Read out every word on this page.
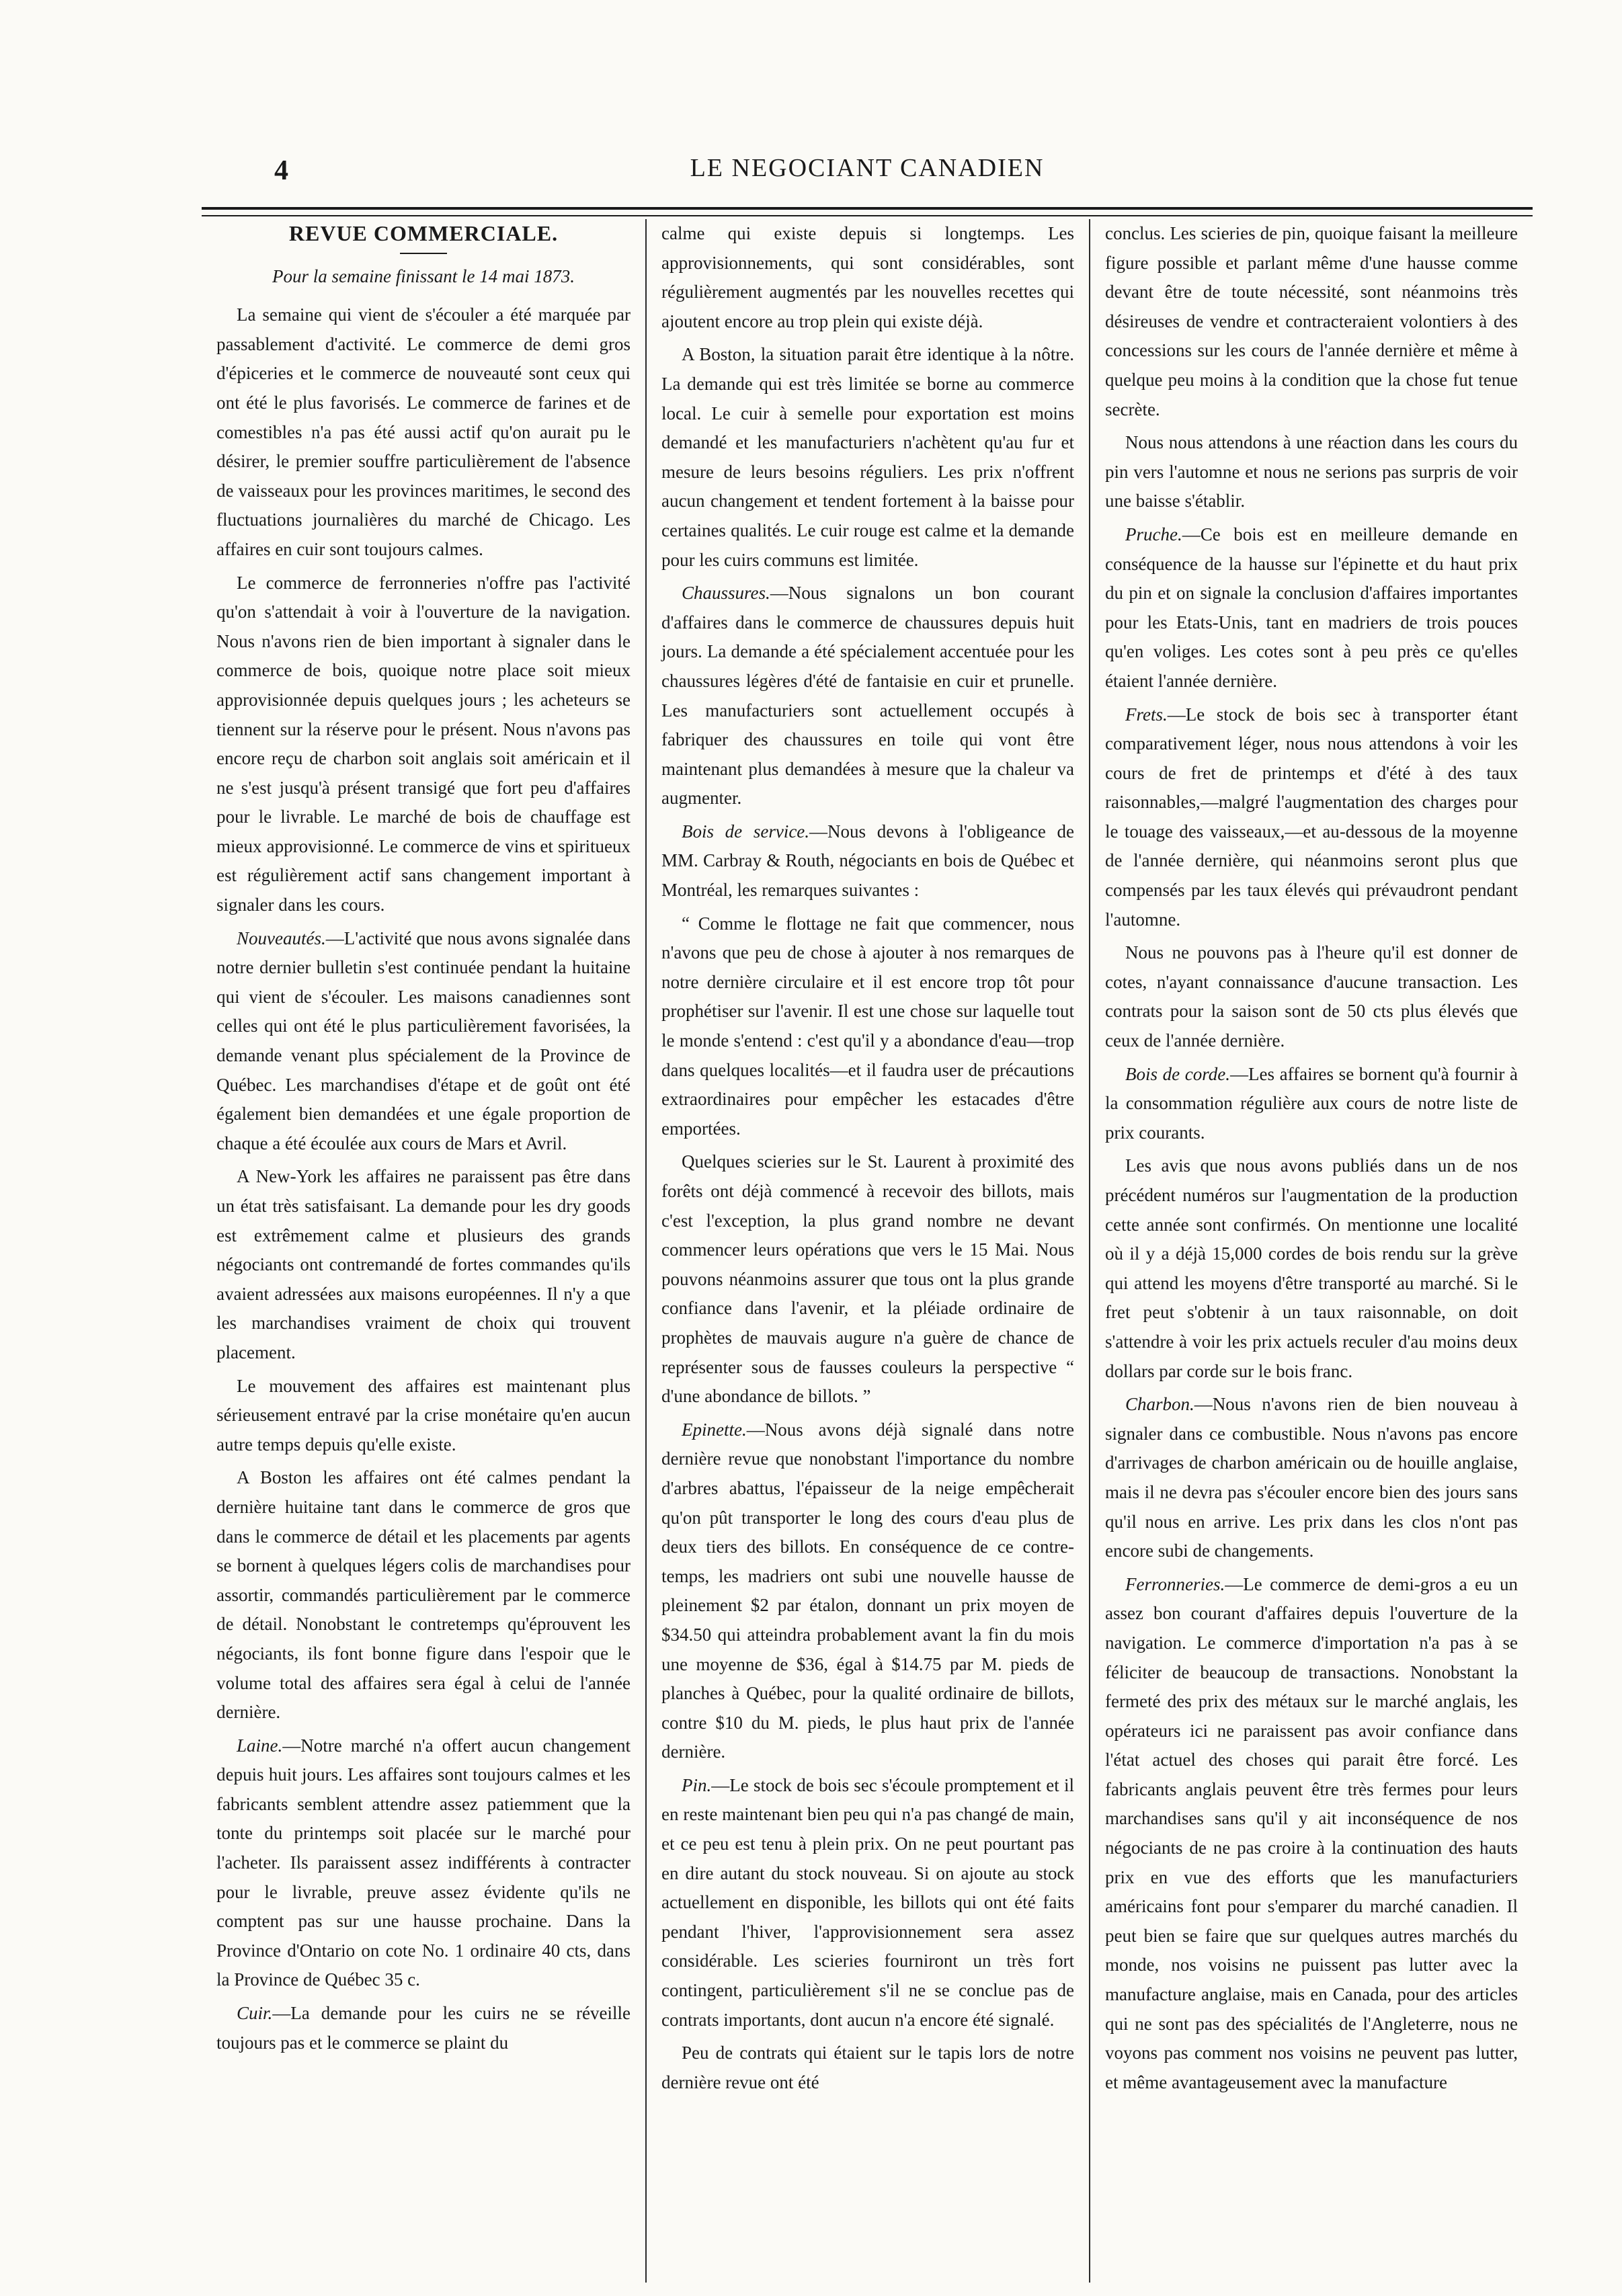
4	LE NEGOCIANT CANADIEN

REVUE COMMERCIALE.

Pour la semaine finissant le 14 mai 1873.

La semaine qui vient de s'écouler a été marquée par passablement d'activité. Le commerce de demi gros d'épiceries et le commerce de nouveauté sont ceux qui ont été le plus favorisés. Le commerce de farines et de comestibles n'a pas été aussi actif qu'on aurait pu le désirer, le premier souffre particulièrement de l'absence de vaisseaux pour les provinces maritimes, le second des fluctuations journalières du marché de Chicago. Les affaires en cuir sont toujours calmes.

Le commerce de ferronneries n'offre pas l'activité qu'on s'attendait à voir à l'ouverture de la navigation. Nous n'avons rien de bien important à signaler dans le commerce de bois, quoique notre place soit mieux approvisionnée depuis quelques jours ; les acheteurs se tiennent sur la réserve pour le présent. Nous n'avons pas encore reçu de charbon soit anglais soit américain et il ne s'est jusqu'à présent transigé que fort peu d'affaires pour le livrable. Le marché de bois de chauffage est mieux approvisionné. Le commerce de vins et spiritueux est régulièrement actif sans changement important à signaler dans les cours.

Nouveautés.—L'activité que nous avons signalée dans notre dernier bulletin s'est continuée pendant la huitaine qui vient de s'écouler. Les maisons canadiennes sont celles qui ont été le plus particulièrement favorisées, la demande venant plus spécialement de la Province de Québec. Les marchandises d'étape et de goût ont été également bien demandées et une égale proportion de chaque a été écoulée aux cours de Mars et Avril.

A New-York les affaires ne paraissent pas être dans un état très satisfaisant. La demande pour les dry goods est extrêmement calme et plusieurs des grands négociants ont contremandé de fortes commandes qu'ils avaient adressées aux maisons européennes. Il n'y a que les marchandises vraiment de choix qui trouvent placement.

Le mouvement des affaires est maintenant plus sérieusement entravé par la crise monétaire qu'en aucun autre temps depuis qu'elle existe.

A Boston les affaires ont été calmes pendant la dernière huitaine tant dans le commerce de gros que dans le commerce de détail et les placements par agents se bornent à quelques légers colis de marchandises pour assortir, commandés particulièrement par le commerce de détail. Nonobstant le contretemps qu'éprouvent les négociants, ils font bonne figure dans l'espoir que le volume total des affaires sera égal à celui de l'année dernière.

Laine.—Notre marché n'a offert aucun changement depuis huit jours. Les affaires sont toujours calmes et les fabricants semblent attendre assez patiemment que la tonte du printemps soit placée sur le marché pour l'acheter. Ils paraissent assez indifférents à contracter pour le livrable, preuve assez évidente qu'ils ne comptent pas sur une hausse prochaine. Dans la Province d'Ontario on cote No. 1 ordinaire 40 cts, dans la Province de Québec 35 c.

Cuir.—La demande pour les cuirs ne se réveille toujours pas et le commerce se plaint du

calme qui existe depuis si longtemps. Les approvisionnements, qui sont considérables, sont régulièrement augmentés par les nouvelles recettes qui ajoutent encore au trop plein qui existe déjà.

A Boston, la situation parait être identique à la nôtre. La demande qui est très limitée se borne au commerce local. Le cuir à semelle pour exportation est moins demandé et les manufacturiers n'achètent qu'au fur et mesure de leurs besoins réguliers. Les prix n'offrent aucun changement et tendent fortement à la baisse pour certaines qualités. Le cuir rouge est calme et la demande pour les cuirs communs est limitée.

Chaussures.—Nous signalons un bon courant d'affaires dans le commerce de chaussures depuis huit jours. La demande a été spécialement accentuée pour les chaussures légères d'été de fantaisie en cuir et prunelle. Les manufacturiers sont actuellement occupés à fabriquer des chaussures en toile qui vont être maintenant plus demandées à mesure que la chaleur va augmenter.

Bois de service.—Nous devons à l'obligeance de MM. Carbray & Routh, négociants en bois de Québec et Montréal, les remarques suivantes :

“ Comme le flottage ne fait que commencer, nous n'avons que peu de chose à ajouter à nos remarques de notre dernière circulaire et il est encore trop tôt pour prophétiser sur l'avenir. Il est une chose sur laquelle tout le monde s'entend : c'est qu'il y a abondance d'eau—trop dans quelques localités—et il faudra user de précautions extraordinaires pour empêcher les estacades d'être emportées.

Quelques scieries sur le St. Laurent à proximité des forêts ont déjà commencé à recevoir des billots, mais c'est l'exception, la plus grand nombre ne devant commencer leurs opérations que vers le 15 Mai. Nous pouvons néanmoins assurer que tous ont la plus grande confiance dans l'avenir, et la pléiade ordinaire de prophètes de mauvais augure n'a guère de chance de représenter sous de fausses couleurs la perspective “ d'une abondance de billots. ”

Epinette.—Nous avons déjà signalé dans notre dernière revue que nonobstant l'importance du nombre d'arbres abattus, l'épaisseur de la neige empêcherait qu'on pût transporter le long des cours d'eau plus de deux tiers des billots. En conséquence de ce contre-temps, les madriers ont subi une nouvelle hausse de pleinement $2 par étalon, donnant un prix moyen de $34.50 qui atteindra probablement avant la fin du mois une moyenne de $36, égal à $14.75 par M. pieds de planches à Québec, pour la qualité ordinaire de billots, contre $10 du M. pieds, le plus haut prix de l'année dernière.

Pin.—Le stock de bois sec s'écoule promptement et il en reste maintenant bien peu qui n'a pas changé de main, et ce peu est tenu à plein prix. On ne peut pourtant pas en dire autant du stock nouveau. Si on ajoute au stock actuellement en disponible, les billots qui ont été faits pendant l'hiver, l'approvisionnement sera assez considérable. Les scieries fourniront un très fort contingent, particulièrement s'il ne se conclue pas de contrats importants, dont aucun n'a encore été signalé.

Peu de contrats qui étaient sur le tapis lors de notre dernière revue ont été

conclus. Les scieries de pin, quoique faisant la meilleure figure possible et parlant même d'une hausse comme devant être de toute nécessité, sont néanmoins très désireuses de vendre et contracteraient volontiers à des concessions sur les cours de l'année dernière et même à quelque peu moins à la condition que la chose fut tenue secrète.

Nous nous attendons à une réaction dans les cours du pin vers l'automne et nous ne serions pas surpris de voir une baisse s'établir.

Pruche.—Ce bois est en meilleure demande en conséquence de la hausse sur l'épinette et du haut prix du pin et on signale la conclusion d'affaires importantes pour les Etats-Unis, tant en madriers de trois pouces qu'en voliges. Les cotes sont à peu près ce qu'elles étaient l'année dernière.

Frets.—Le stock de bois sec à transporter étant comparativement léger, nous nous attendons à voir les cours de fret de printemps et d'été à des taux raisonnables,—malgré l'augmentation des charges pour le touage des vaisseaux,—et au-dessous de la moyenne de l'année dernière, qui néanmoins seront plus que compensés par les taux élevés qui prévaudront pendant l'automne.

Nous ne pouvons pas à l'heure qu'il est donner de cotes, n'ayant connaissance d'aucune transaction. Les contrats pour la saison sont de 50 cts plus élevés que ceux de l'année dernière.

Bois de corde.—Les affaires se bornent qu'à fournir à la consommation régulière aux cours de notre liste de prix courants.

Les avis que nous avons publiés dans un de nos précédent numéros sur l'augmentation de la production cette année sont confirmés. On mentionne une localité où il y a déjà 15,000 cordes de bois rendu sur la grève qui attend les moyens d'être transporté au marché. Si le fret peut s'obtenir à un taux raisonnable, on doit s'attendre à voir les prix actuels reculer d'au moins deux dollars par corde sur le bois franc.

Charbon.—Nous n'avons rien de bien nouveau à signaler dans ce combustible. Nous n'avons pas encore d'arrivages de charbon américain ou de houille anglaise, mais il ne devra pas s'écouler encore bien des jours sans qu'il nous en arrive. Les prix dans les clos n'ont pas encore subi de changements.

Ferronneries.—Le commerce de demi-gros a eu un assez bon courant d'affaires depuis l'ouverture de la navigation. Le commerce d'importation n'a pas à se féliciter de beaucoup de transactions. Nonobstant la fermeté des prix des métaux sur le marché anglais, les opérateurs ici ne paraissent pas avoir confiance dans l'état actuel des choses qui parait être forcé. Les fabricants anglais peuvent être très fermes pour leurs marchandises sans qu'il y ait inconséquence de nos négociants de ne pas croire à la continuation des hauts prix en vue des efforts que les manufacturiers américains font pour s'emparer du marché canadien. Il peut bien se faire que sur quelques autres marchés du monde, nos voisins ne puissent pas lutter avec la manufacture anglaise, mais en Canada, pour des articles qui ne sont pas des spécialités de l'Angleterre, nous ne voyons pas comment nos voisins ne peuvent pas lutter, et même avantageusement avec la manufacture
